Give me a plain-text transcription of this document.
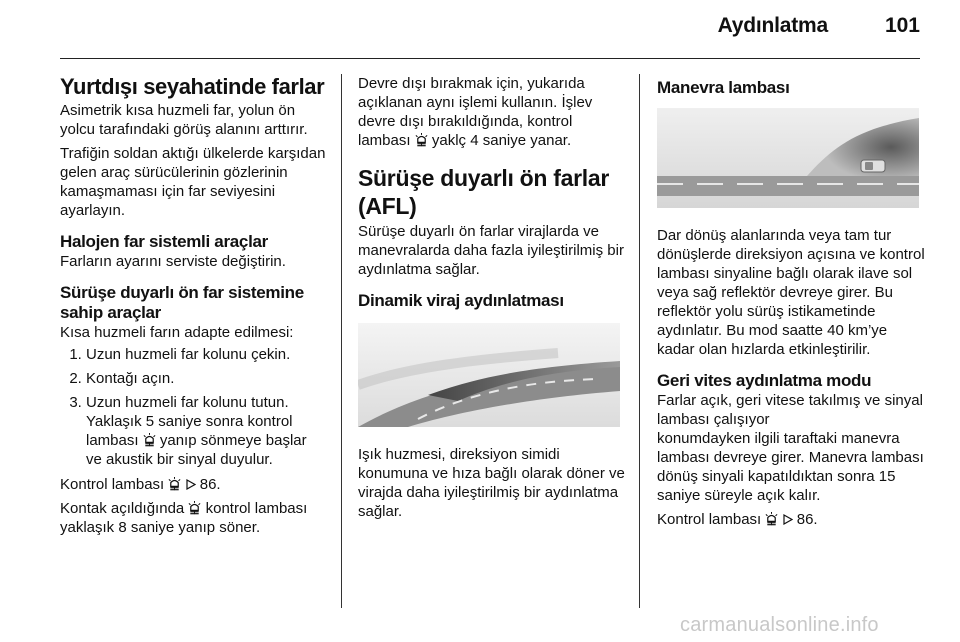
Aydınlatma	101
Yurtdışı seyahatinde farlar

Asimetrik kısa huzmeli far, yolun ön yolcu tarafındaki görüş alanını arttırır.

Trafiğin soldan aktığı ülkelerde karşıdan gelen araç sürücülerinin gözlerinin kamaşmaması için far seviyesini ayarlayın.

Halojen far sistemli araçlar

Farların ayarını serviste değiştirin.

Sürüşe duyarlı ön far sistemine sahip araçlar

Kısa huzmeli farın adapte edilmesi:

1. Uzun huzmeli far kolunu çekin.
2. Kontağı açın.
3. Uzun huzmeli far kolunu tutun.
Yaklaşık 5 saniye sonra kontrol lambası yanıp sönmeye başlar ve akustik bir sinyal duyulur.

Kontrol lambası 86.

Kontak açıldığında kontrol lambası yaklaşık 8 saniye yanıp söner.

Devre dışı bırakmak için, yukarıda açıklanan aynı işlemi kullanın. İşlev devre dışı bırakıldığında, kontrol lambası yaklç 4 saniye yanar.

Sürüşe duyarlı ön farlar (AFL)

Sürüşe duyarlı ön farlar virajlarda ve manevralarda daha fazla iyileştirilmiş bir aydınlatma sağlar.

Dinamik viraj aydınlatması

Işık huzmesi, direksiyon simidi konumuna ve hıza bağlı olarak döner ve virajda daha iyileştirilmiş bir aydınlatma sağlar.

Manevra lambası

Dar dönüş alanlarında veya tam tur dönüşlerde direksiyon açısına ve kontrol lambası sinyaline bağlı olarak ilave sol veya sağ reflektör devreye girer. Bu reflektör yolu sürüş istikametinde aydınlatır. Bu mod saatte 40 km’ye kadar olan hızlarda etkinleştirilir.

Geri vites aydınlatma modu

Farlar açık, geri vitese takılmış ve sinyal lambası çalışıyor

konumdayken ilgili taraftaki manevra lambası devreye girer. Manevra lambası dönüş sinyali kapatıldıktan sonra 15 saniye süreyle açık kalır.

Kontrol lambası 86.

carmanualsonline.info
